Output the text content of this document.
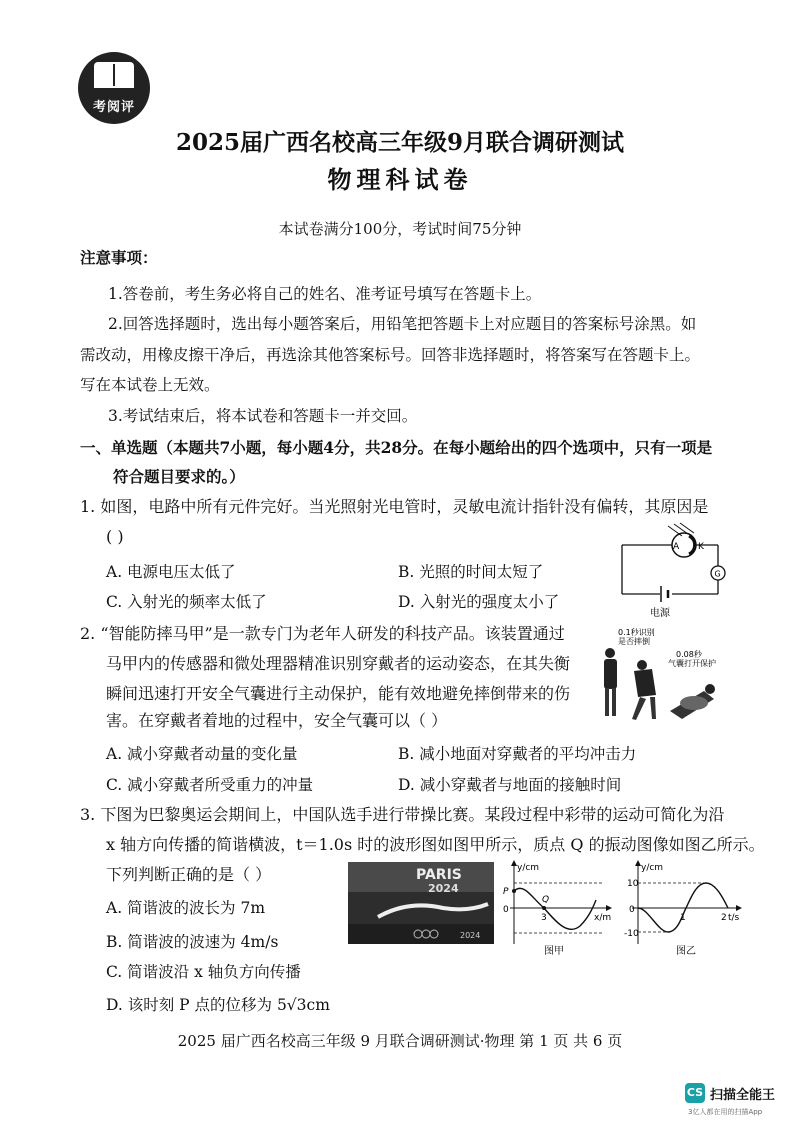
考阅评
2025届广西名校高三年级9月联合调研测试
物理科试卷
本试卷满分100分，考试时间75分钟
注意事项：
1.答卷前，考生务必将自己的姓名、准考证号填写在答题卡上。
2.回答选择题时，选出每小题答案后，用铅笔把答题卡上对应题目的答案标号涂黑。如
需改动，用橡皮擦干净后，再选涂其他答案标号。回答非选择题时，将答案写在答题卡上。
写在本试卷上无效。
3.考试结束后，将本试卷和答题卡一并交回。
一、单选题（本题共7小题，每小题4分，共28分。在每小题给出的四个选项中，只有一项是
符合题目要求的。）
1. 如图，电路中所有元件完好。当光照射光电管时，灵敏电流计指针没有偏转，其原因是
( )
A. 电源电压太低了	B. 光照的时间太短了
C. 入射光的频率太低了	D. 入射光的强度太小了
A K
G
电源
2. “智能防摔马甲”是一款专门为老年人研发的科技产品。该装置通过
马甲内的传感器和微处理器精准识别穿戴者的运动姿态，在其失衡
瞬间迅速打开安全气囊进行主动保护，能有效地避免摔倒带来的伤
害。在穿戴者着地的过程中，安全气囊可以（ ）
A. 减小穿戴者动量的变化量	B. 减小地面对穿戴者的平均冲击力
C. 减小穿戴者所受重力的冲量	D. 减小穿戴者与地面的接触时间
0.1秒识别
是否摔倒
0.08秒
气囊打开保护
3. 下图为巴黎奥运会期间上，中国队选手进行带操比赛。某段过程中彩带的运动可简化为沿
x 轴方向传播的简谐横波，t＝1.0s 时的波形图如图甲所示，质点 Q 的振动图像如图乙所示。
下列判断正确的是（ ）
A. 简谐波的波长为 7m
B. 简谐波的波速为 4m/s
C. 简谐波沿 x 轴负方向传播
D. 该时刻 P 点的位移为 5√3cm
PARIS
2024
2024
y/cm
x/m
0
P
Q
3
图甲
y/cm
t/s
10
-10
0
1	2
图乙
2025 届广西名校高三年级 9 月联合调研测试·物理 第 1 页 共 6 页
CS 扫描全能王
3亿人都在用的扫描App
